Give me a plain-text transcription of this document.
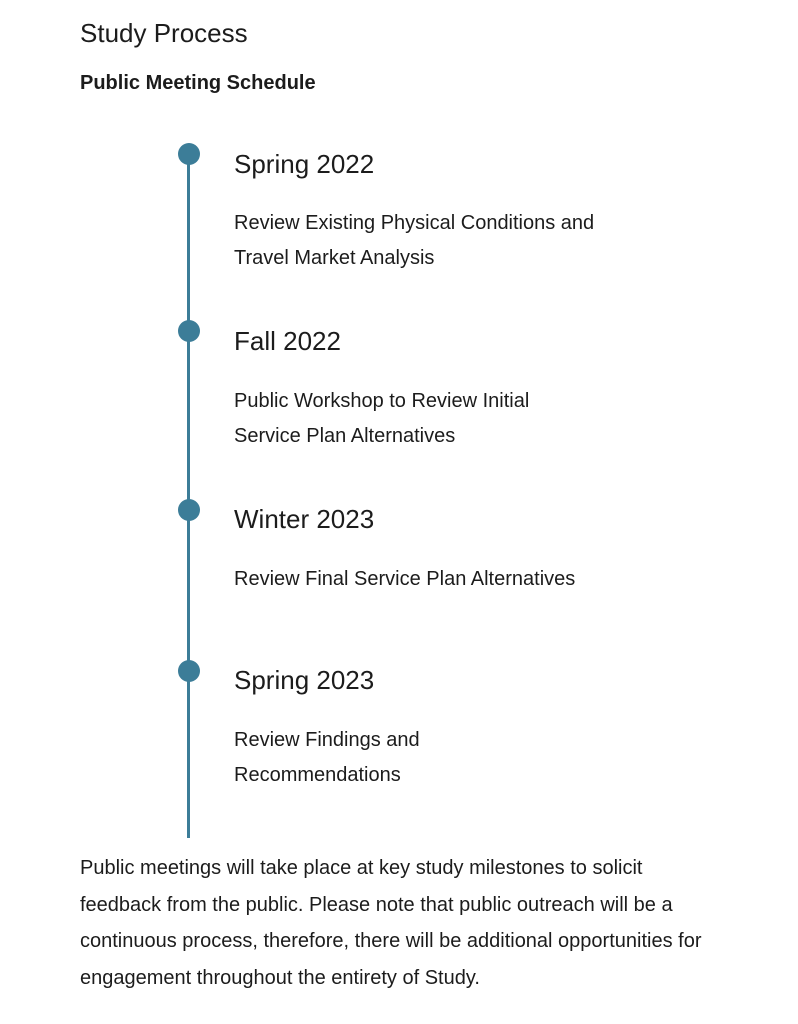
Study Process
Public Meeting Schedule
Spring 2022
Review Existing Physical Conditions and Travel Market Analysis
Fall 2022
Public Workshop to Review Initial Service Plan Alternatives
Winter 2023
Review Final Service Plan Alternatives
Spring 2023
Review Findings and Recommendations

Public meetings will take place at key study milestones to solicit feedback from the public. Please note that public outreach will be a continuous process, therefore, there will be additional opportunities for engagement throughout the entirety of Study.
